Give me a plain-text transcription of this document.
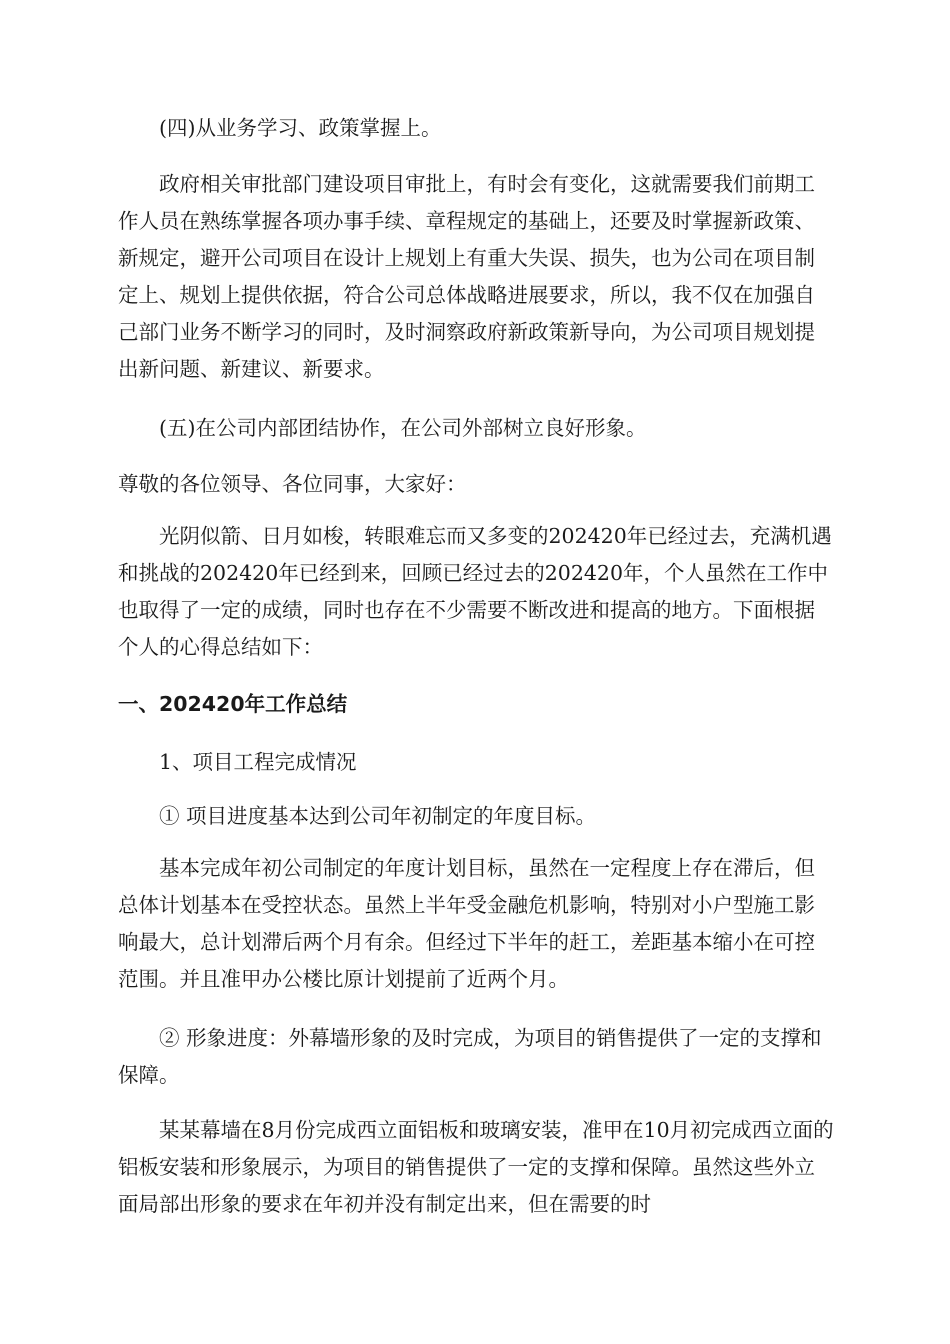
(四)从业务学习、政策掌握上。

政府相关审批部门建设项目审批上，有时会有变化，这就需要我们前期工作人员在熟练掌握各项办事手续、章程规定的基础上，还要及时掌握新政策、新规定，避开公司项目在设计上规划上有重大失误、损失，也为公司在项目制定上、规划上提供依据，符合公司总体战略进展要求，所以，我不仅在加强自己部门业务不断学习的同时，及时洞察政府新政策新导向，为公司项目规划提出新问题、新建议、新要求。

(五)在公司内部团结协作，在公司外部树立良好形象。

尊敬的各位领导、各位同事，大家好：

光阴似箭、日月如梭，转眼难忘而又多变的202420年已经过去，充满机遇和挑战的202420年已经到来，回顾已经过去的202420年，个人虽然在工作中也取得了一定的成绩，同时也存在不少需要不断改进和提高的地方。下面根据个人的心得总结如下：

一、202420年工作总结

1、项目工程完成情况

① 项目进度基本达到公司年初制定的年度目标。

基本完成年初公司制定的年度计划目标，虽然在一定程度上存在滞后，但总体计划基本在受控状态。虽然上半年受金融危机影响，特别对小户型施工影响最大，总计划滞后两个月有余。但经过下半年的赶工，差距基本缩小在可控范围。并且准甲办公楼比原计划提前了近两个月。

② 形象进度：外幕墙形象的及时完成，为项目的销售提供了一定的支撑和保障。

某某幕墙在8月份完成西立面铝板和玻璃安装，准甲在10月初完成西立面的铝板安装和形象展示，为项目的销售提供了一定的支撑和保障。虽然这些外立面局部出形象的要求在年初并没有制定出来，但在需要的时
